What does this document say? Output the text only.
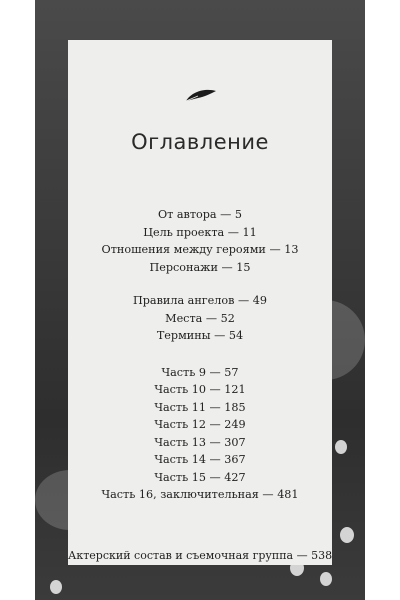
Оглавление
От автора — 5
Цель проекта — 11
Отношения между героями — 13
Персонажи — 15
Правила ангелов — 49
Места — 52
Термины — 54
Часть 9 — 57
Часть 10 — 121
Часть 11 — 185
Часть 12 — 249
Часть 13 — 307
Часть 14 — 367
Часть 15 — 427
Часть 16, заключительная — 481
Актерский состав и съемочная группа — 538
